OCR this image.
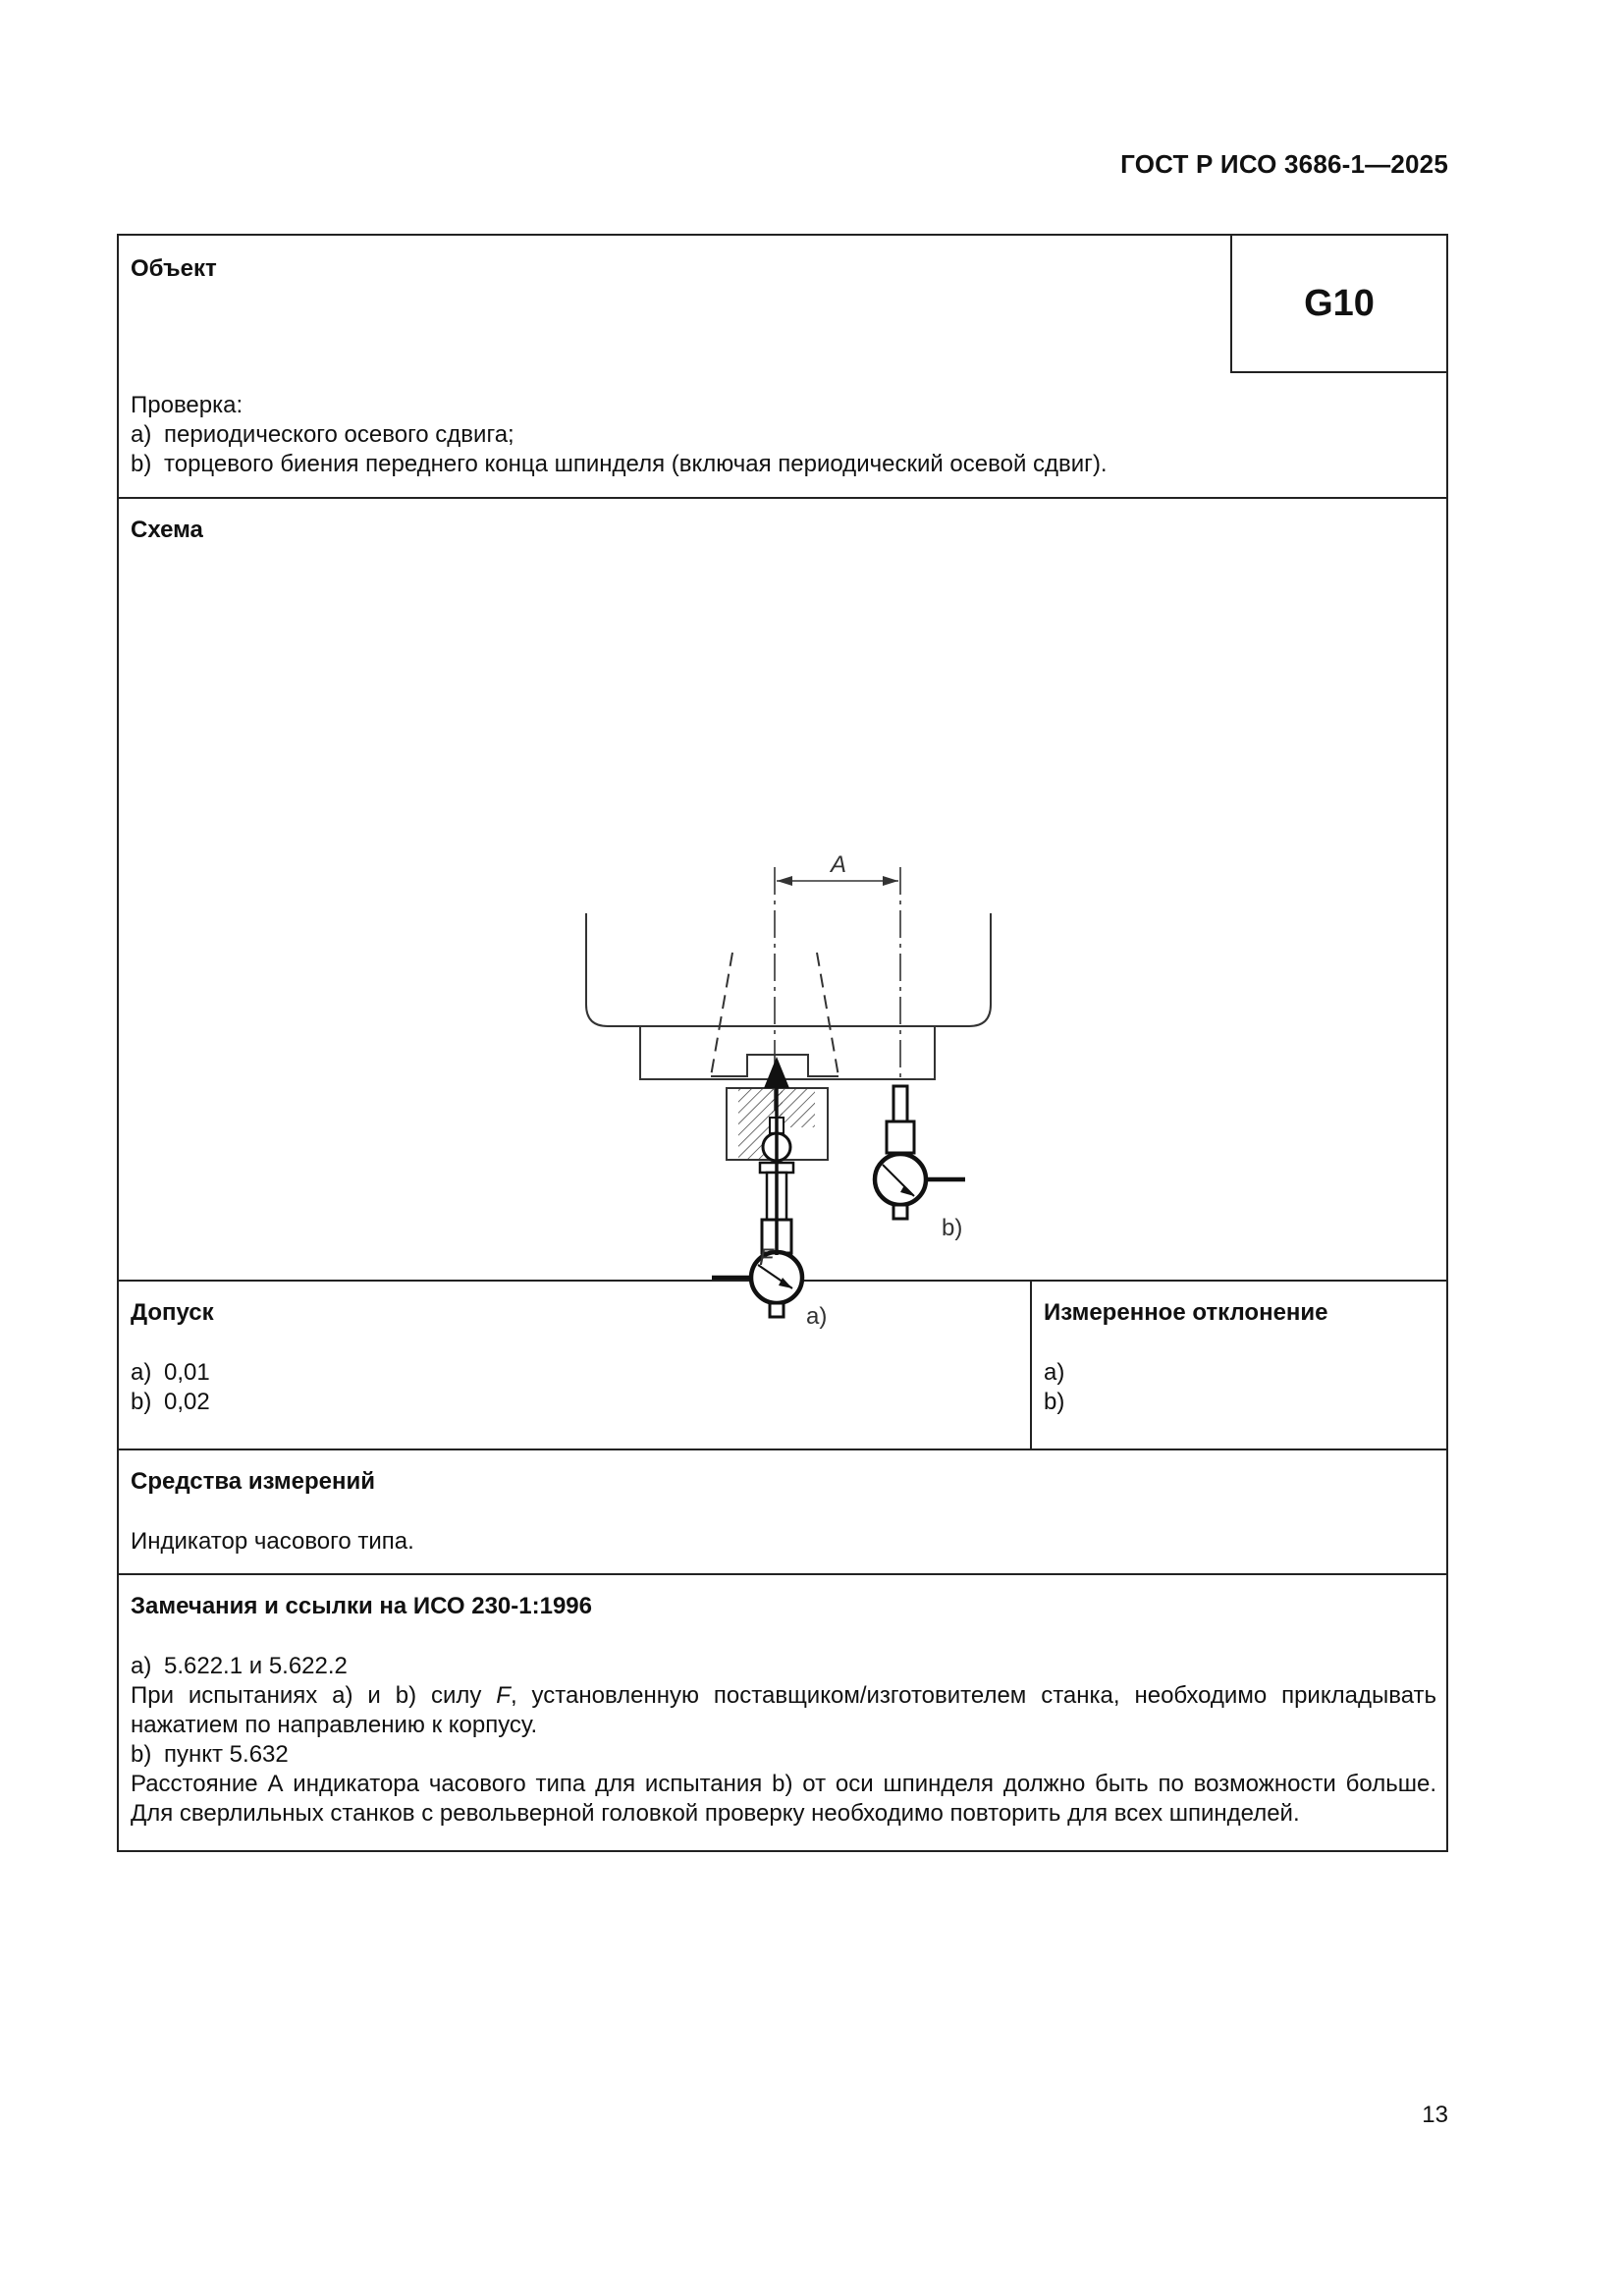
ГОСТ Р ИСО 3686-1—2025
Объект
G10
Проверка:
a) периодического осевого сдвига;
b) торцевого биения переднего конца шпинделя (включая периодический осевой сдвиг).
Схема
A
a)
b)
F
Допуск
a) 0,01
b) 0,02
Измеренное отклонение
a)
b)
Средства измерений
Индикатор часового типа.
Замечания и ссылки на ИСО 230-1:1996

a) 5.622.1 и 5.622.2

При испытаниях a) и b) силу F, установленную поставщиком/изготовителем станка, необходимо прикладывать

нажатием по направлению к корпусу.

b) пункт 5.632

Расстояние А индикатора часового типа для испытания b) от оси шпинделя должно быть по возможности больше.

Для сверлильных станков с револьверной головкой проверку необходимо повторить для всех шпинделей.

13
